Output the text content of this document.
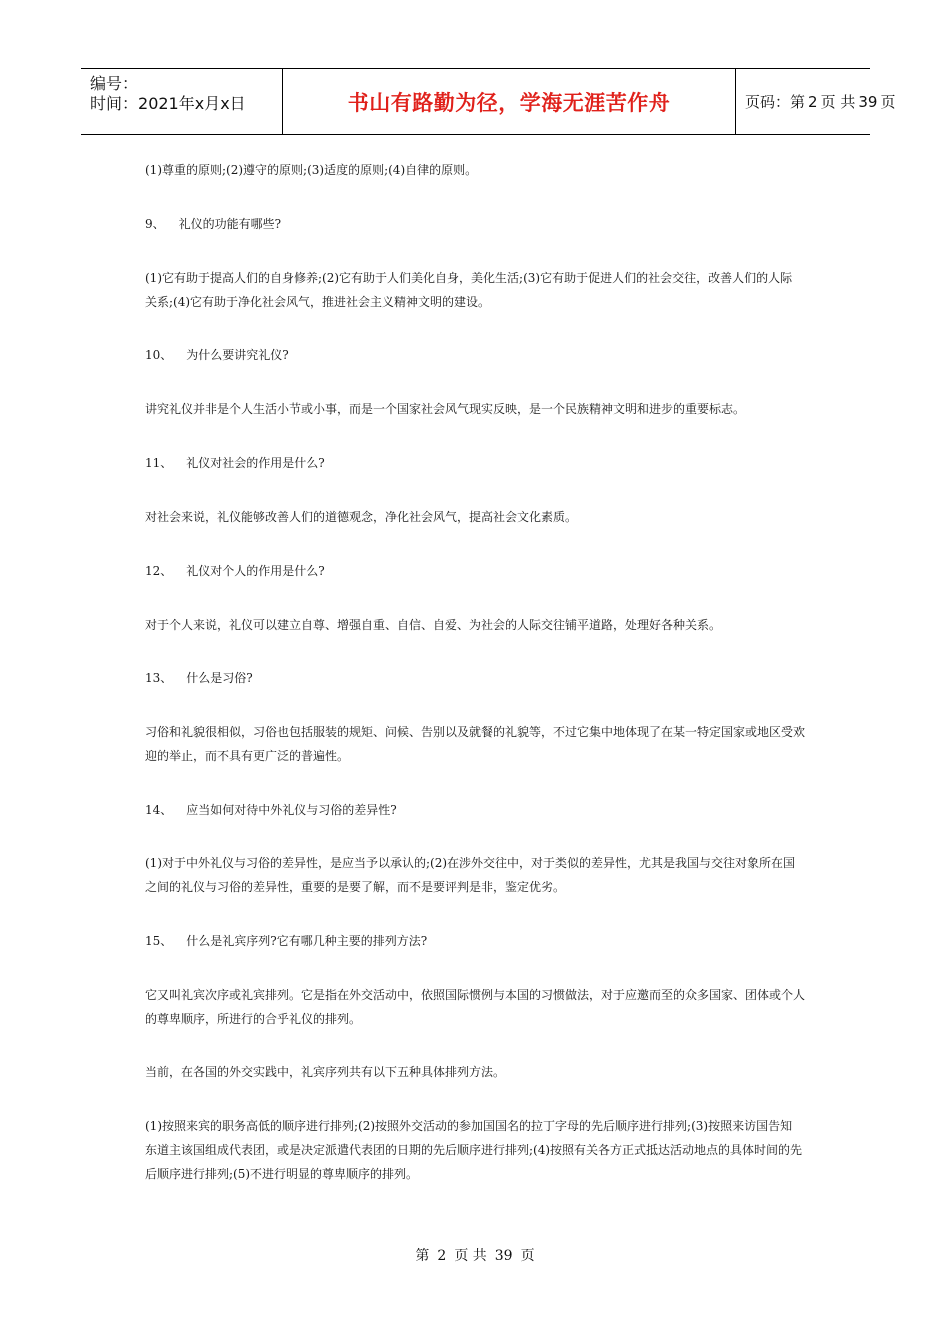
编号：
时间：2021年x月x日	书山有路勤为径，学海无涯苦作舟	页码：第 2 页 共 39 页

(1)尊重的原则;(2)遵守的原则;(3)适度的原则;(4)自律的原则。

9、 礼仪的功能有哪些?

(1)它有助于提高人们的自身修养;(2)它有助于人们美化自身，美化生活;(3)它有助于促进人们的社会交往，改善人们的人际

关系;(4)它有助于净化社会风气，推进社会主义精神文明的建设。

10、 为什么要讲究礼仪?

讲究礼仪并非是个人生活小节或小事，而是一个国家社会风气现实反映，是一个民族精神文明和进步的重要标志。

11、 礼仪对社会的作用是什么?

对社会来说，礼仪能够改善人们的道德观念，净化社会风气，提高社会文化素质。

12、 礼仪对个人的作用是什么?

对于个人来说，礼仪可以建立自尊、增强自重、自信、自爱、为社会的人际交往铺平道路，处理好各种关系。

13、 什么是习俗?

习俗和礼貌很相似，习俗也包括服装的规矩、问候、告别以及就餐的礼貌等，不过它集中地体现了在某一特定国家或地区受欢

迎的举止，而不具有更广泛的普遍性。

14、 应当如何对待中外礼仪与习俗的差异性?

(1)对于中外礼仪与习俗的差异性，是应当予以承认的;(2)在涉外交往中，对于类似的差异性，尤其是我国与交往对象所在国

之间的礼仪与习俗的差异性，重要的是要了解，而不是要评判是非，鉴定优劣。

15、 什么是礼宾序列?它有哪几种主要的排列方法?

它又叫礼宾次序或礼宾排列。它是指在外交活动中，依照国际惯例与本国的习惯做法，对于应邀而至的众多国家、团体或个人

的尊卑顺序，所进行的合乎礼仪的排列。

当前，在各国的外交实践中，礼宾序列共有以下五种具体排列方法。

(1)按照来宾的职务高低的顺序进行排列;(2)按照外交活动的参加国国名的拉丁字母的先后顺序进行排列;(3)按照来访国告知

东道主该国组成代表团，或是决定派遣代表团的日期的先后顺序进行排列;(4)按照有关各方正式抵达活动地点的具体时间的先

后顺序进行排列;(5)不进行明显的尊卑顺序的排列。

第 2 页 共 39 页
